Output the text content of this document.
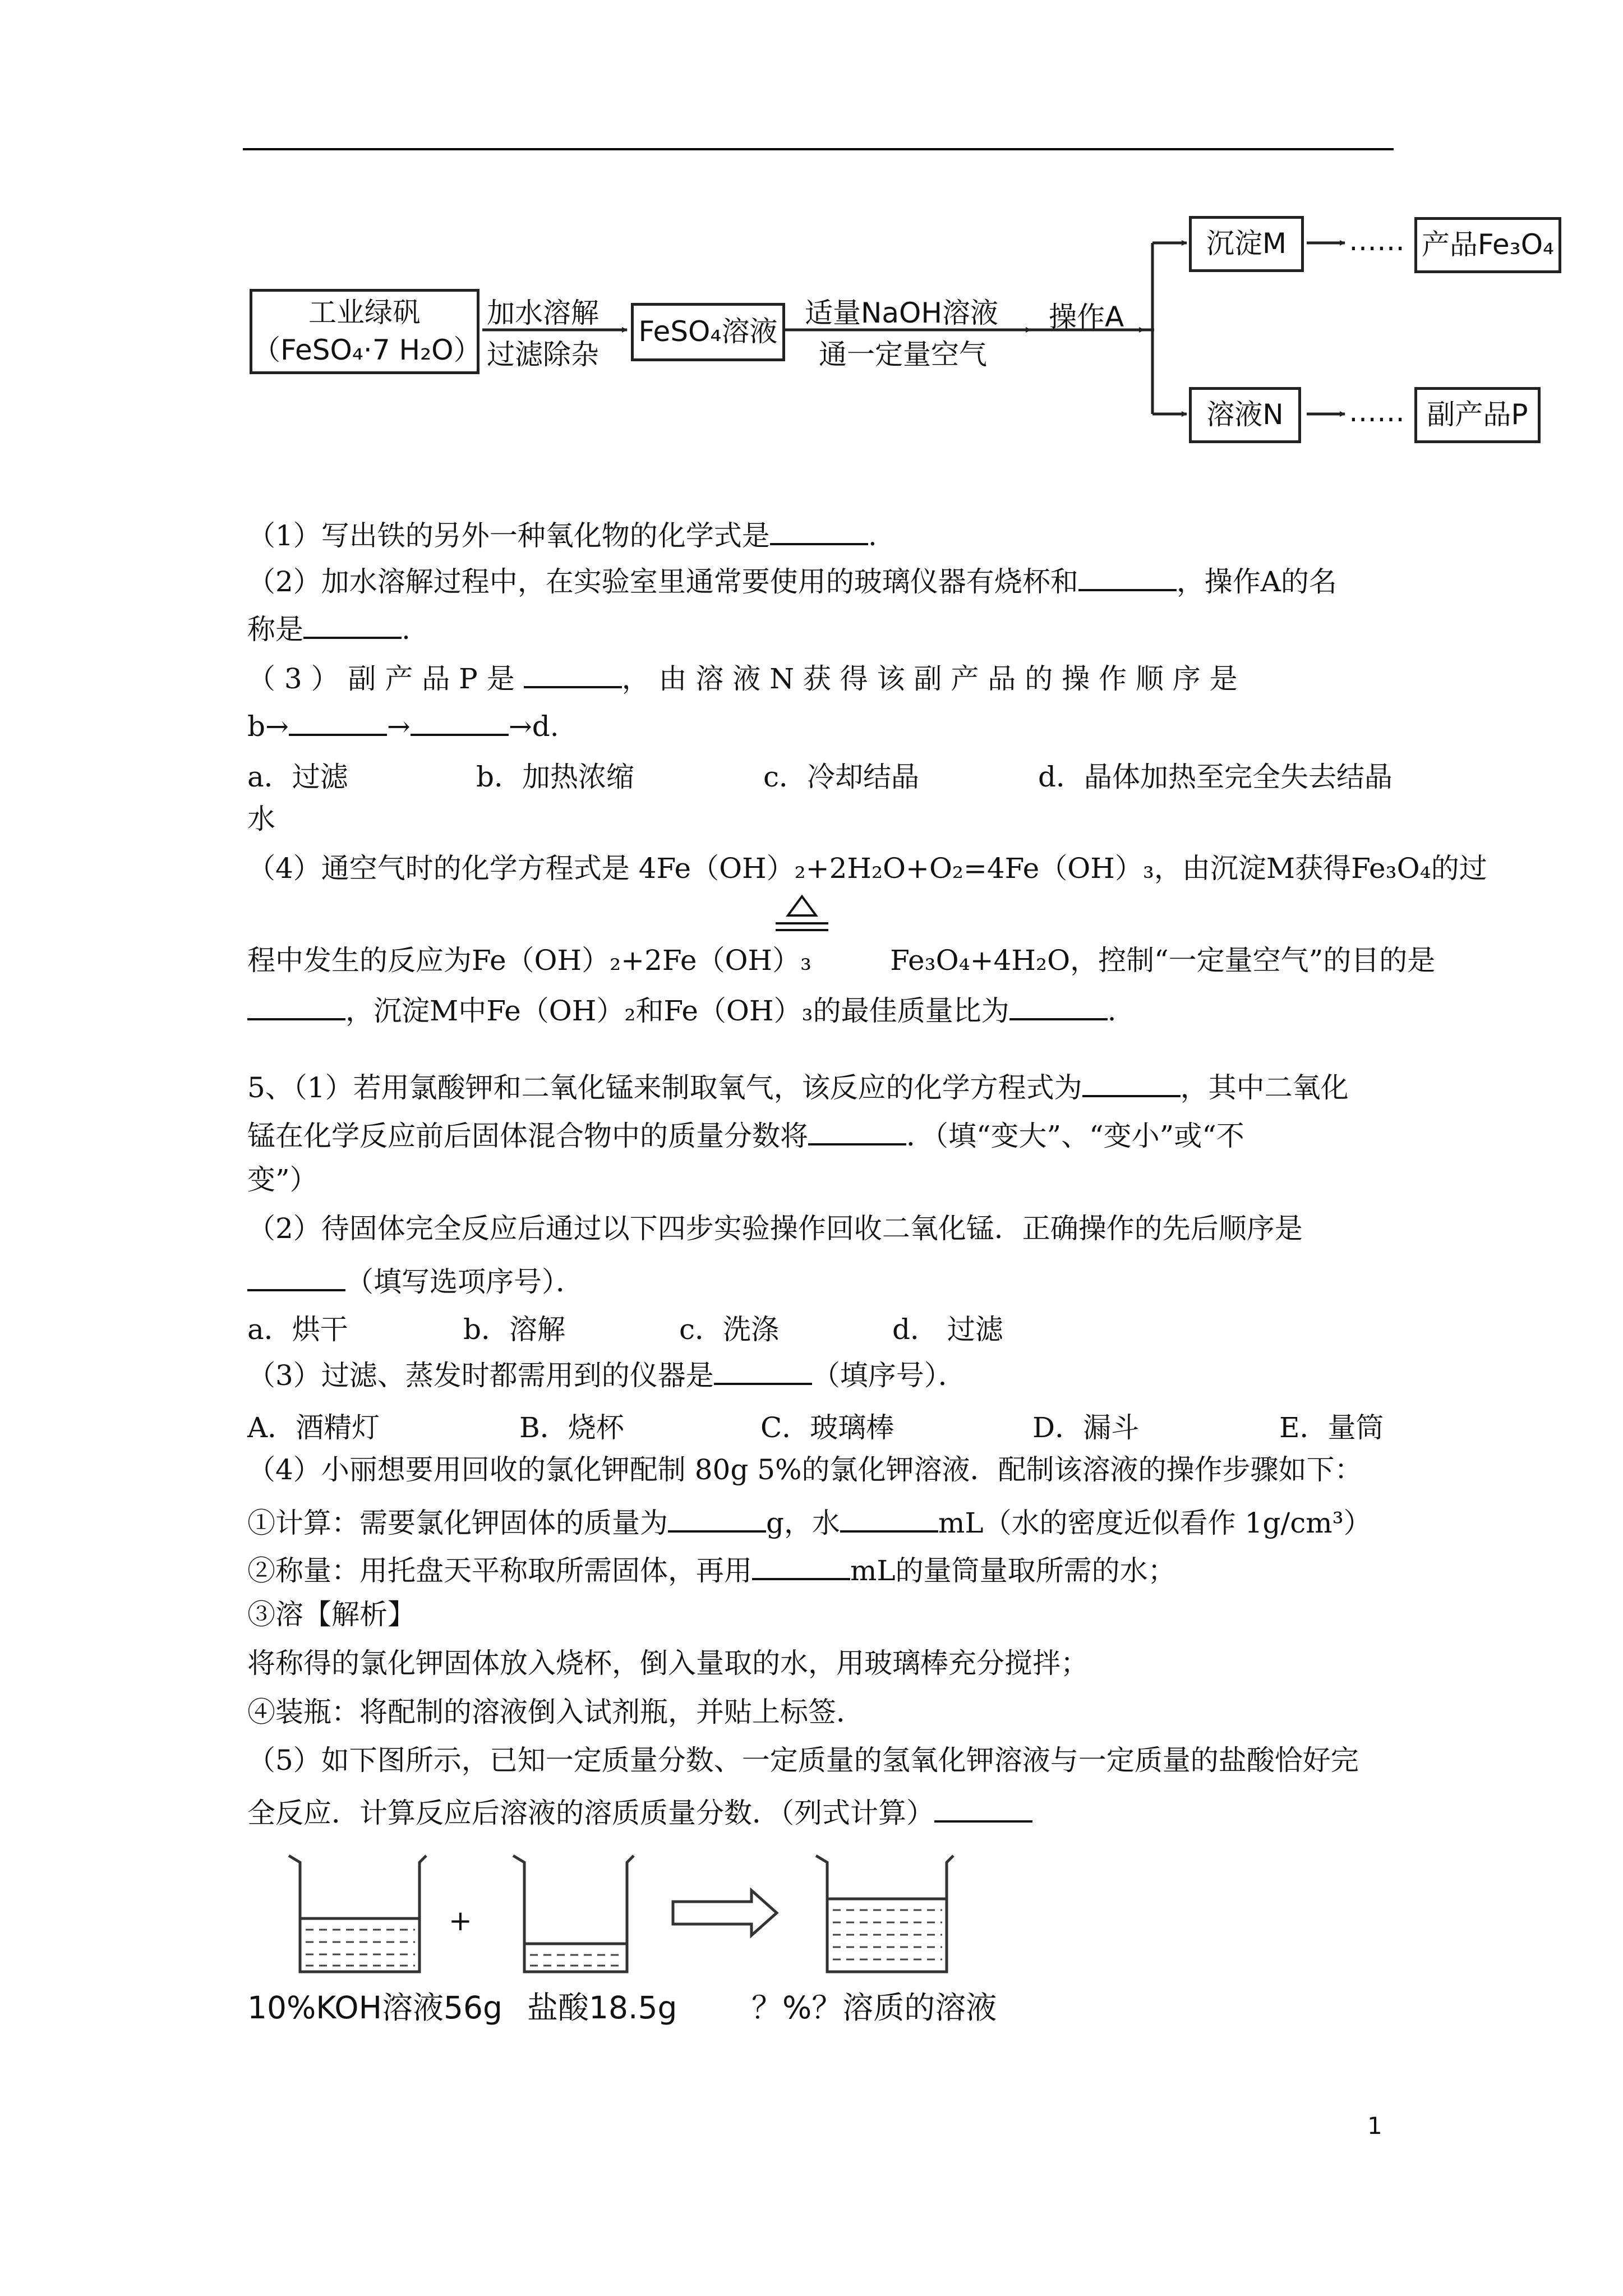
工业绿矾
（FeSO₄·7 H₂O）
加水溶解
过滤除杂
FeSO₄溶液
适量NaOH溶液
通一定量空气
操作A
沉淀M	…… 产品Fe₃O₄
溶液N	…… 副产品P
（1）写出铁的另外一种氧化物的化学式是	.
（2）加水溶解过程中，在实验室里通常要使用的玻璃仪器有烧杯和	，操作A的名
称是	.
（ 3 ） 副 产 品 P 是	， 由 溶 液 N 获 得 该 副 产 品 的 操 作 顺 序 是
b→	→	→d.
a．过滤	b．加热浓缩	c．冷却结晶	d．晶体加热至完全失去结晶
水
（4）通空气时的化学方程式是 4Fe（OH）₂+2H₂O+O₂=4Fe（OH）₃，由沉淀M获得Fe₃O₄的过
程中发生的反应为Fe（OH）₂+2Fe（OH）₃	Fe₃O₄+4H₂O，控制“一定量空气”的目的是
，沉淀M中Fe（OH）₂和Fe（OH）₃的最佳质量比为	.
5、（1）若用氯酸钾和二氧化锰来制取氧气，该反应的化学方程式为	，其中二氧化
锰在化学反应前后固体混合物中的质量分数将	．（填“变大”、“变小”或“不
变”）
（2）待固体完全反应后通过以下四步实验操作回收二氧化锰．正确操作的先后顺序是
（填写选项序号）．
a．烘干	b．溶解	c．洗涤	d． 过滤
（3）过滤、蒸发时都需用到的仪器是	（填序号）．
A．酒精灯	B．烧杯	C．玻璃棒	D．漏斗	E．量筒
（4）小丽想要用回收的氯化钾配制 80g 5%的氯化钾溶液．配制该溶液的操作步骤如下：
①计算：需要氯化钾固体的质量为	g，水	mL（水的密度近似看作 1g/cm³）
②称量：用托盘天平称取所需固体，再用	mL的量筒量取所需的水；
③溶【解析】
将称得的氯化钾固体放入烧杯，倒入量取的水，用玻璃棒充分搅拌；
④装瓶：将配制的溶液倒入试剂瓶，并贴上标签．
（5）如下图所示，已知一定质量分数、一定质量的氢氧化钾溶液与一定质量的盐酸恰好完
全反应．计算反应后溶液的溶质质量分数．（列式计算）
+
10%KOH溶液56g 盐酸18.5g ？%？溶质的溶液
1
